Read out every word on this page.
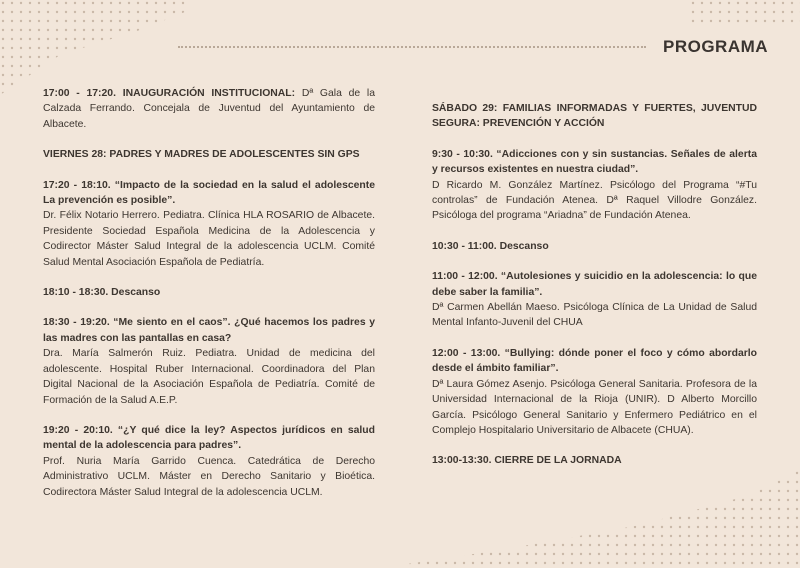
PROGRAMA
17:00 - 17:20. INAUGURACIÓN INSTITUCIONAL: Dª Gala de la Calzada Ferrando. Concejala de Juventud del Ayuntamiento de Albacete.
VIERNES 28: PADRES Y MADRES DE ADOLESCENTES SIN GPS
17:20 - 18:10. “Impacto de la sociedad en la salud el adolescente La prevención es posible”.
Dr. Félix Notario Herrero. Pediatra. Clínica HLA ROSARIO de Albacete. Presidente Sociedad Española Medicina de la Adolescencia y Codirector Máster Salud Integral de la adolescencia UCLM. Comité Salud Mental Asociación Española de Pediatría.
18:10 - 18:30. Descanso
18:30 - 19:20. “Me siento en el caos”. ¿Qué hacemos los padres y las madres con las pantallas en casa?
Dra. María Salmerón Ruiz. Pediatra. Unidad de medicina del adolescente. Hospital Ruber Internacional. Coordinadora del Plan Digital Nacional de la Asociación Española de Pediatría. Comité de Formación de la Salud A.E.P.
19:20 - 20:10. “¿Y qué dice la ley? Aspectos jurídicos en salud mental de la adolescencia para padres”.
Prof. Nuria María Garrido Cuenca. Catedrática de Derecho Administrativo UCLM. Máster en Derecho Sanitario y Bioética. Codirectora Máster Salud Integral de la adolescencia UCLM.
SÁBADO 29: FAMILIAS INFORMADAS Y FUERTES, JUVENTUD SEGURA: PREVENCIÓN Y ACCIÓN
9:30 - 10:30. “Adicciones con y sin sustancias. Señales de alerta y recursos existentes en nuestra ciudad”.
D Ricardo M. González Martínez. Psicólogo del Programa “#Tu controlas” de Fundación Atenea. Dª Raquel Villodre González. Psicóloga del programa “Ariadna” de Fundación Atenea.
10:30 - 11:00. Descanso
11:00 - 12:00. “Autolesiones y suicidio en la adolescencia: lo que debe saber la familia”.
Dª Carmen Abellán Maeso. Psicóloga Clínica de La Unidad de Salud Mental Infanto-Juvenil del CHUA
12:00 - 13:00. “Bullying: dónde poner el foco y cómo abordarlo desde el ámbito familiar”.
Dª Laura Gómez Asenjo. Psicóloga General Sanitaria. Profesora de la Universidad Internacional de la Rioja (UNIR). D Alberto Morcillo García. Psicólogo General Sanitario y Enfermero Pediátrico en el Complejo Hospitalario Universitario de Albacete (CHUA).
13:00-13:30. CIERRE DE LA JORNADA
